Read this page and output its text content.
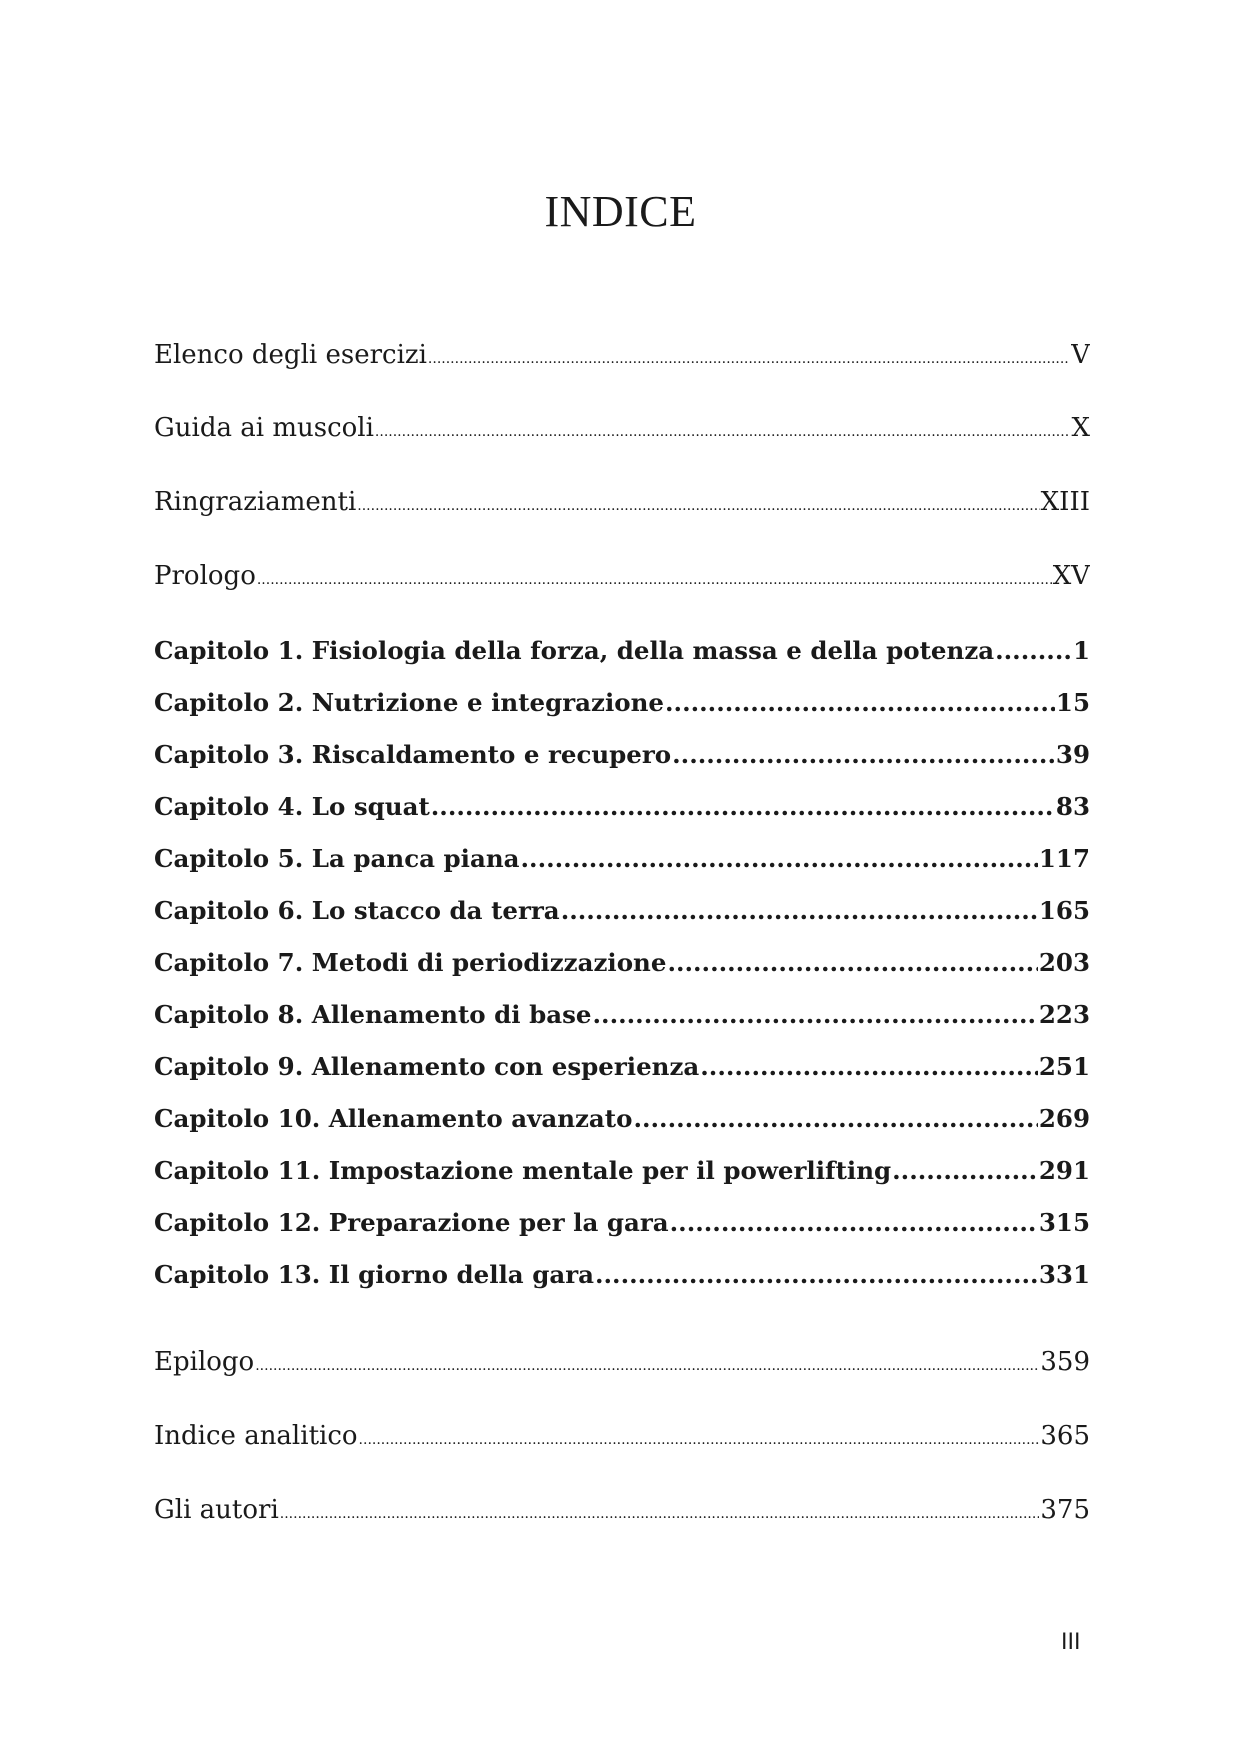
INDICE
Elenco degli esercizi .....	V
Guida ai muscoli .....	X
Ringraziamenti .....	XIII
Prologo .....	XV
Capitolo 1. Fisiologia della forza, della massa e della potenza .....	1
Capitolo 2. Nutrizione e integrazione .....	15
Capitolo 3. Riscaldamento e recupero .....	39
Capitolo 4. Lo squat .....	83
Capitolo 5. La panca piana .....	117
Capitolo 6. Lo stacco da terra .....	165
Capitolo 7. Metodi di periodizzazione .....	203
Capitolo 8. Allenamento di base .....	223
Capitolo 9. Allenamento con esperienza .....	251
Capitolo 10. Allenamento avanzato .....	269
Capitolo 11. Impostazione mentale per il powerlifting .....	291
Capitolo 12. Preparazione per la gara .....	315
Capitolo 13. Il giorno della gara .....	331
Epilogo .....	359
Indice analitico .....	365
Gli autori .....	375
III
